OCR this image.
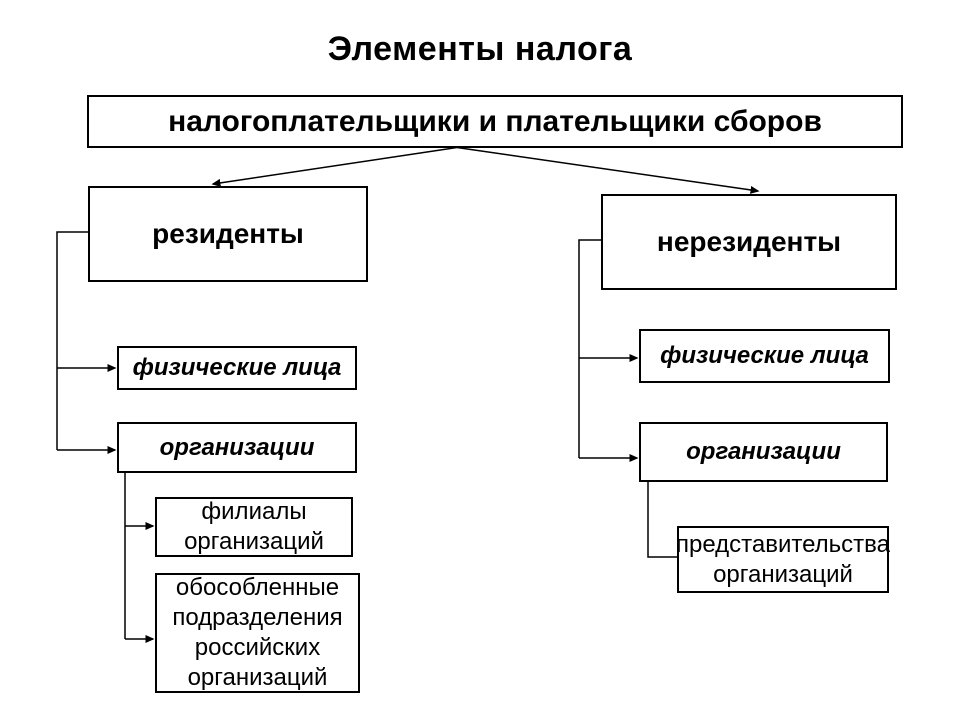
Элементы налога
налогоплательщики и плательщики сборов
резиденты
физические лица
организации
филиалы организаций
обособленные подразделения российских организаций
нерезиденты
физические лица
организации
представительства организаций
